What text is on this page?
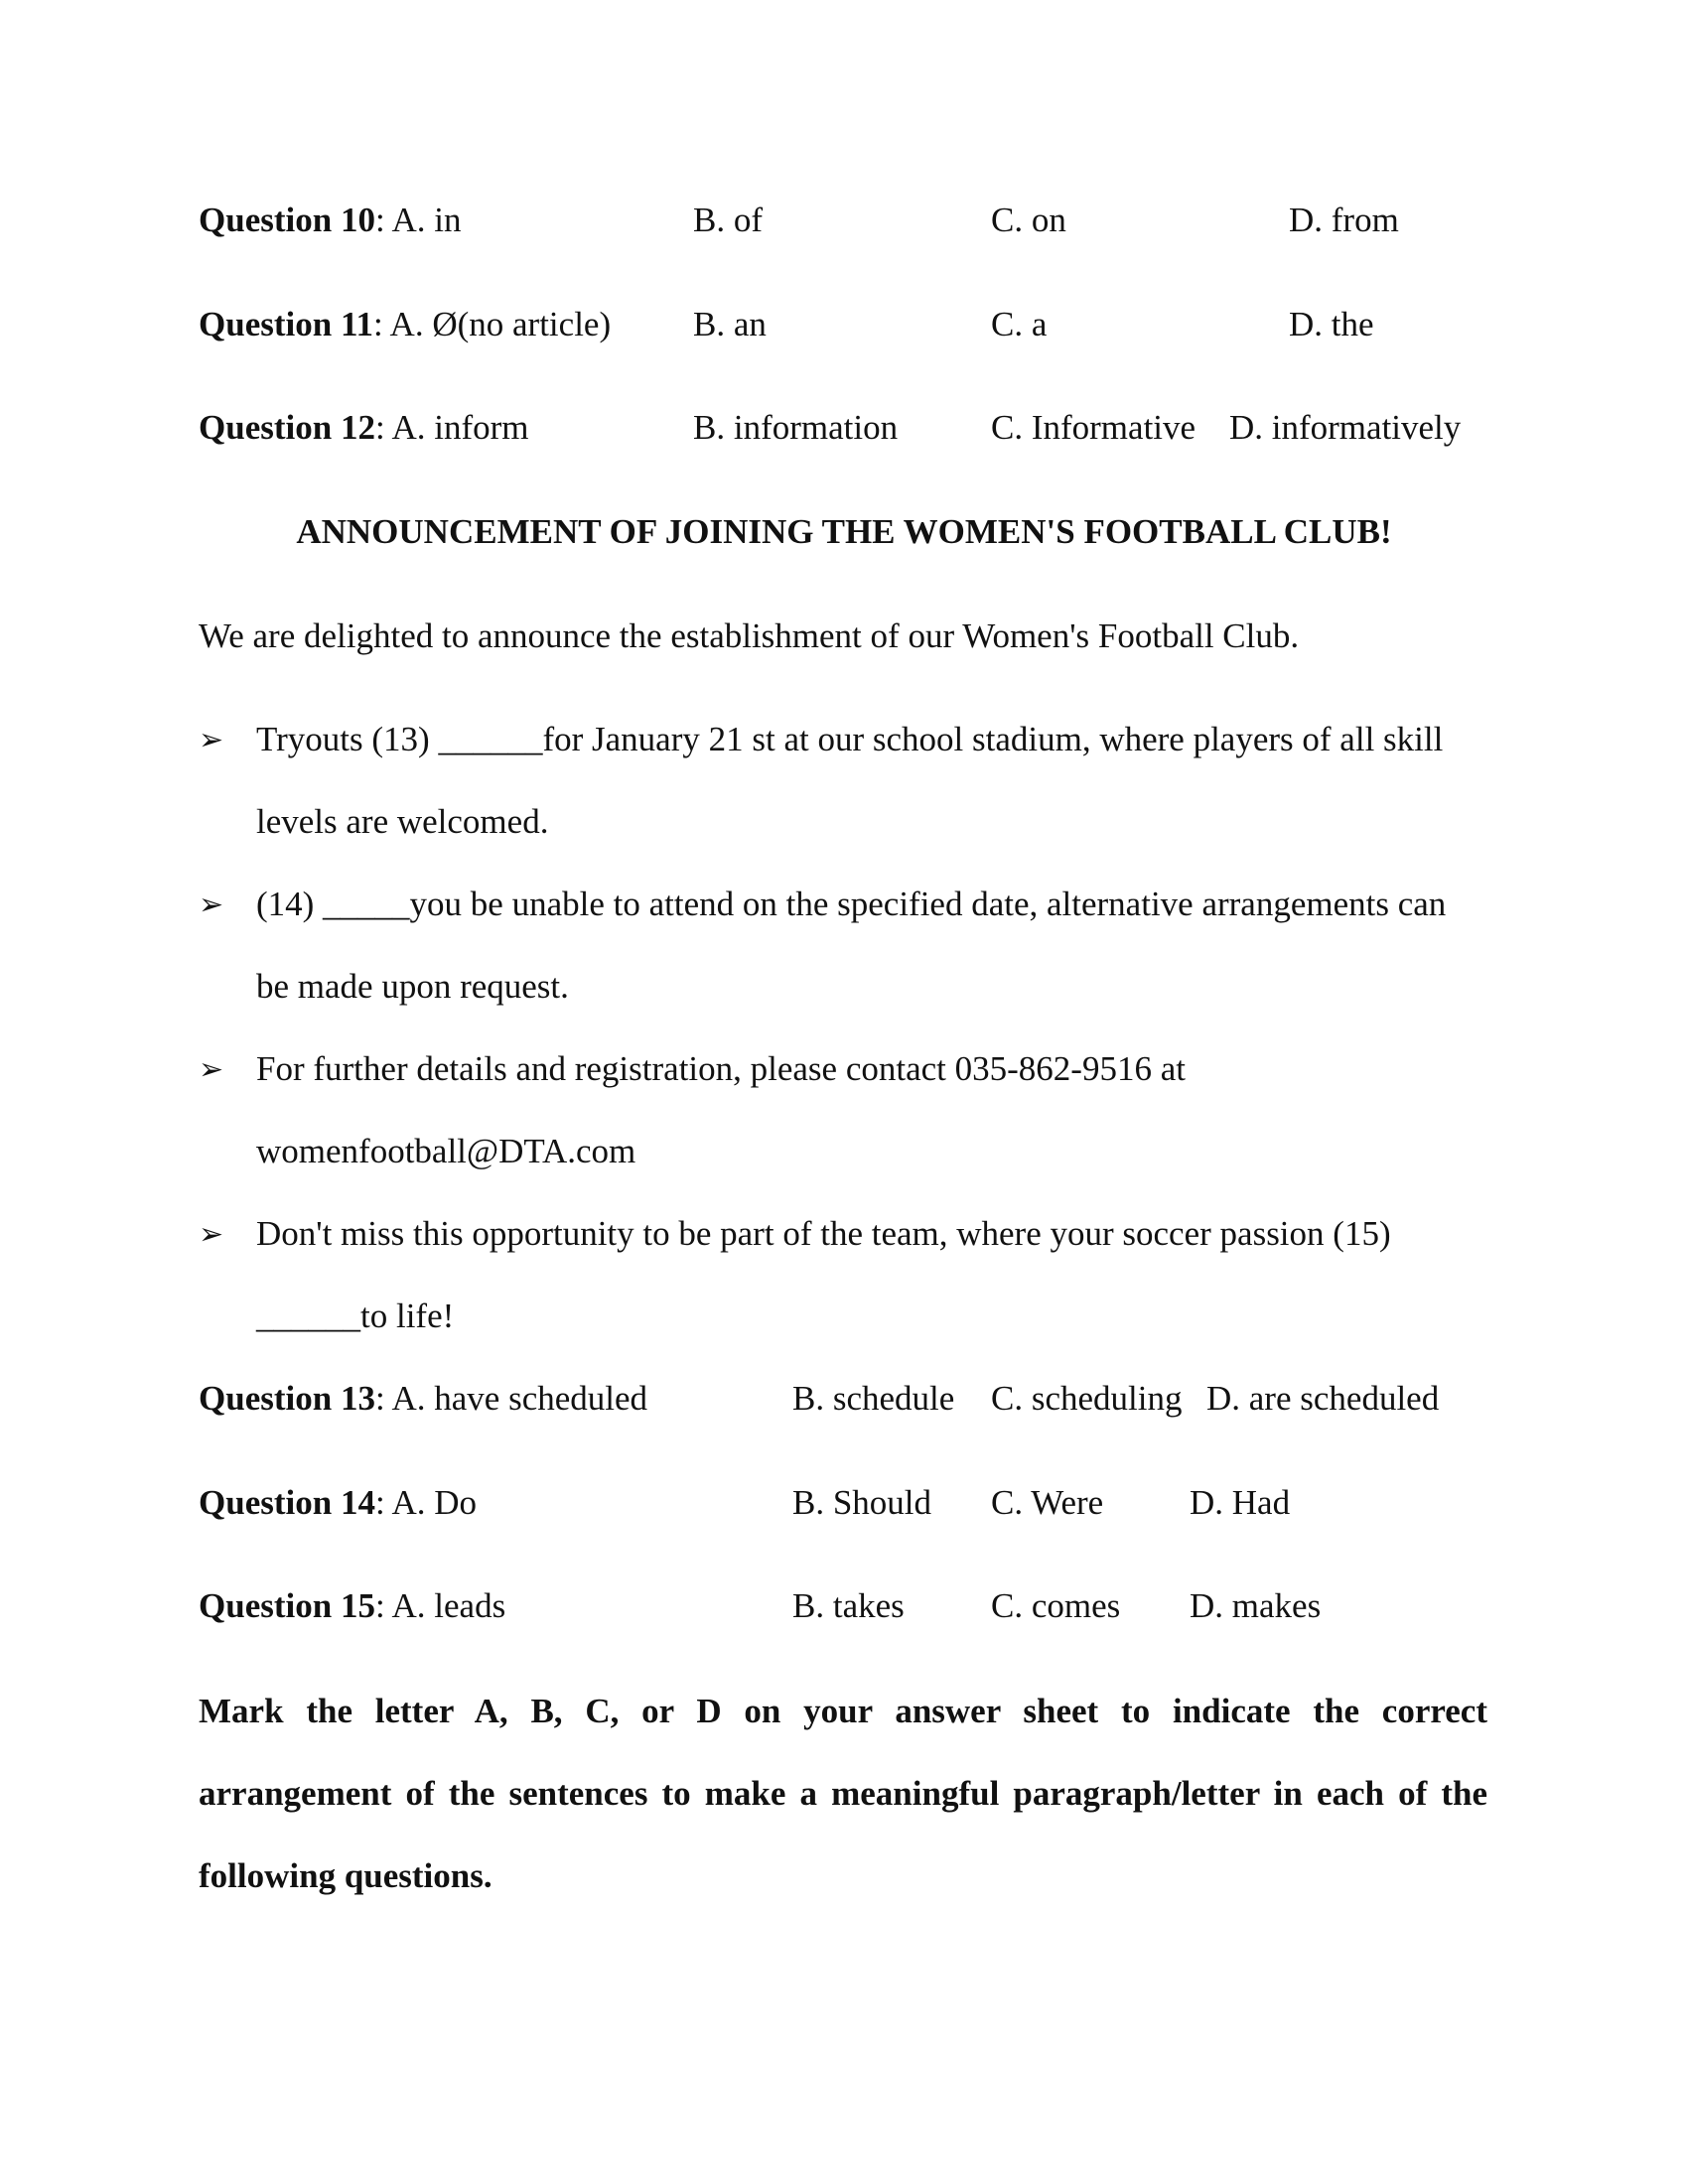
Question 10: A. in	B. of	C. on	D. from
Question 11: A. Ø(no article) B. an	C. a	D. the
Question 12: A. inform	B. information	C. Informative D. informatively
ANNOUNCEMENT OF JOINING THE WOMEN'S FOOTBALL CLUB!
We are delighted to announce the establishment of our Women's Football Club.
➢ Tryouts (13) ______for January 21 st at our school stadium, where players of all skill
levels are welcomed.
➢ (14) _____you be unable to attend on the specified date, alternative arrangements can
be made upon request.
➢ For further details and registration, please contact 035-862-9516 at
womenfootball@DTA.com
➢ Don't miss this opportunity to be part of the team, where your soccer passion (15)
______to life!
Question 13: A. have scheduled	B. schedule C. scheduling D. are scheduled
Question 14: A. Do	B. Should C. Were D. Had
Question 15: A. leads	B. takes C. comes D. makes
Mark the letter A, B, C, or D on your answer sheet to indicate the correct
arrangement of the sentences to make a meaningful paragraph/letter in each of the
following questions.
